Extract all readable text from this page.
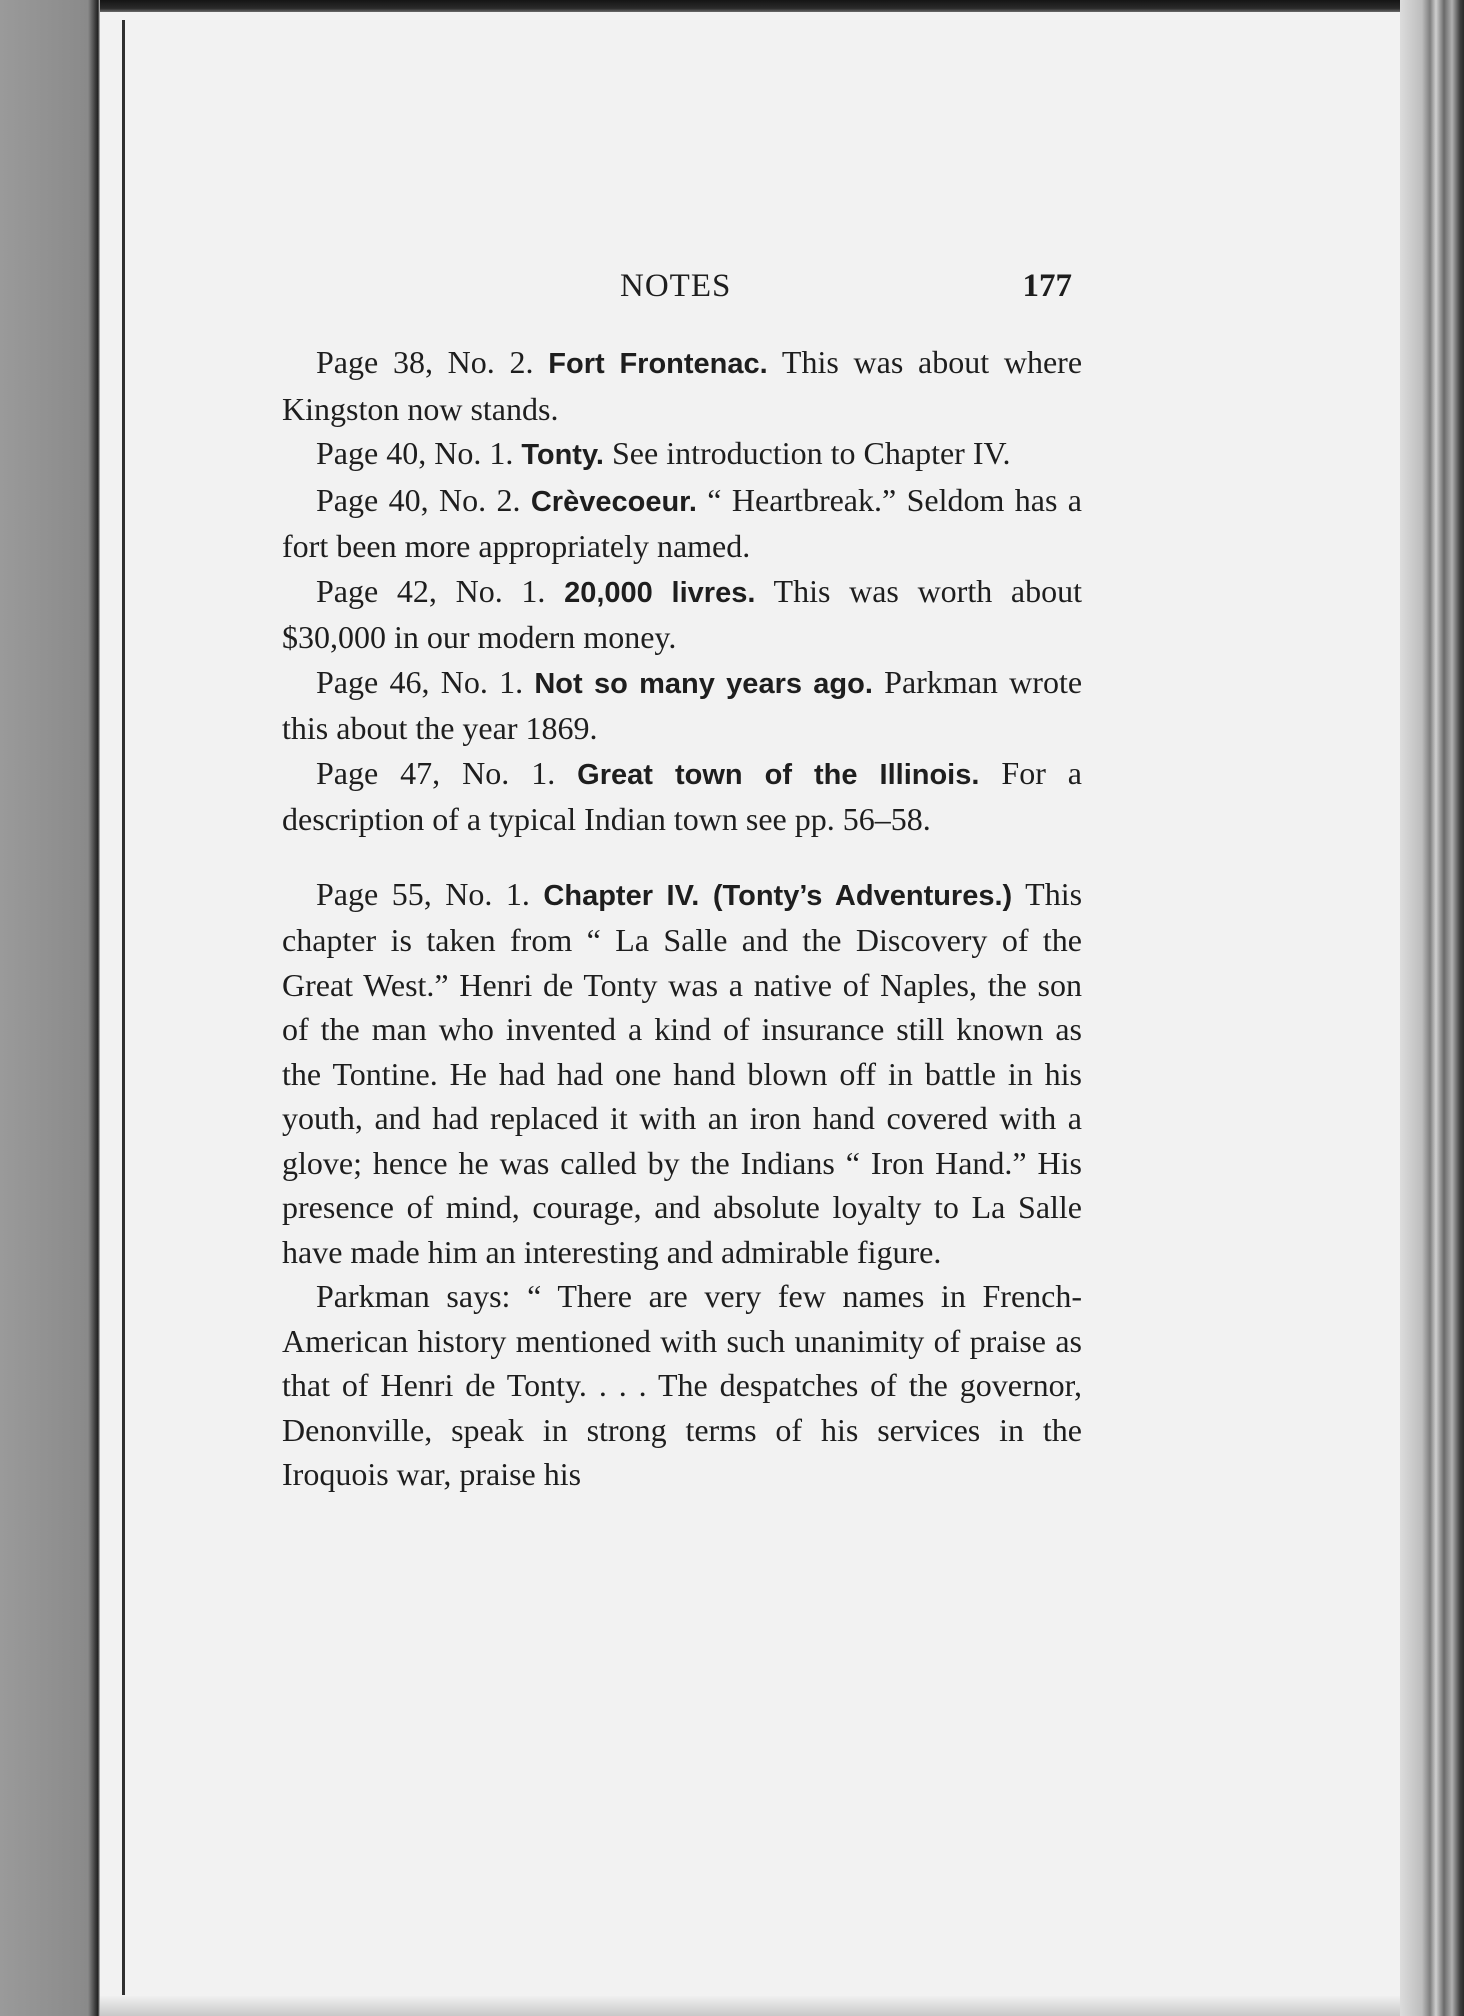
NOTES	177

Page 38, No. 2. Fort Frontenac. This was about where Kingston now stands.

Page 40, No. 1. Tonty. See introduction to Chapter IV.

Page 40, No. 2. Crèvecoeur. “ Heartbreak.” Seldom has a fort been more appropriately named.

Page 42, No. 1. 20,000 livres. This was worth about $30,000 in our modern money.

Page 46, No. 1. Not so many years ago. Parkman wrote this about the year 1869.

Page 47, No. 1. Great town of the Illinois. For a description of a typical Indian town see pp. 56–58.

Page 55, No. 1. Chapter IV. (Tonty’s Adventures.) This chapter is taken from “ La Salle and the Discovery of the Great West.” Henri de Tonty was a native of Naples, the son of the man who invented a kind of insurance still known as the Tontine. He had had one hand blown off in battle in his youth, and had replaced it with an iron hand covered with a glove; hence he was called by the Indians “ Iron Hand.” His presence of mind, courage, and absolute loyalty to La Salle have made him an interesting and admirable figure.

Parkman says: “ There are very few names in French-American history mentioned with such unanimity of praise as that of Henri de Tonty. . . . The despatches of the governor, Denonville, speak in strong terms of his services in the Iroquois war, praise his
